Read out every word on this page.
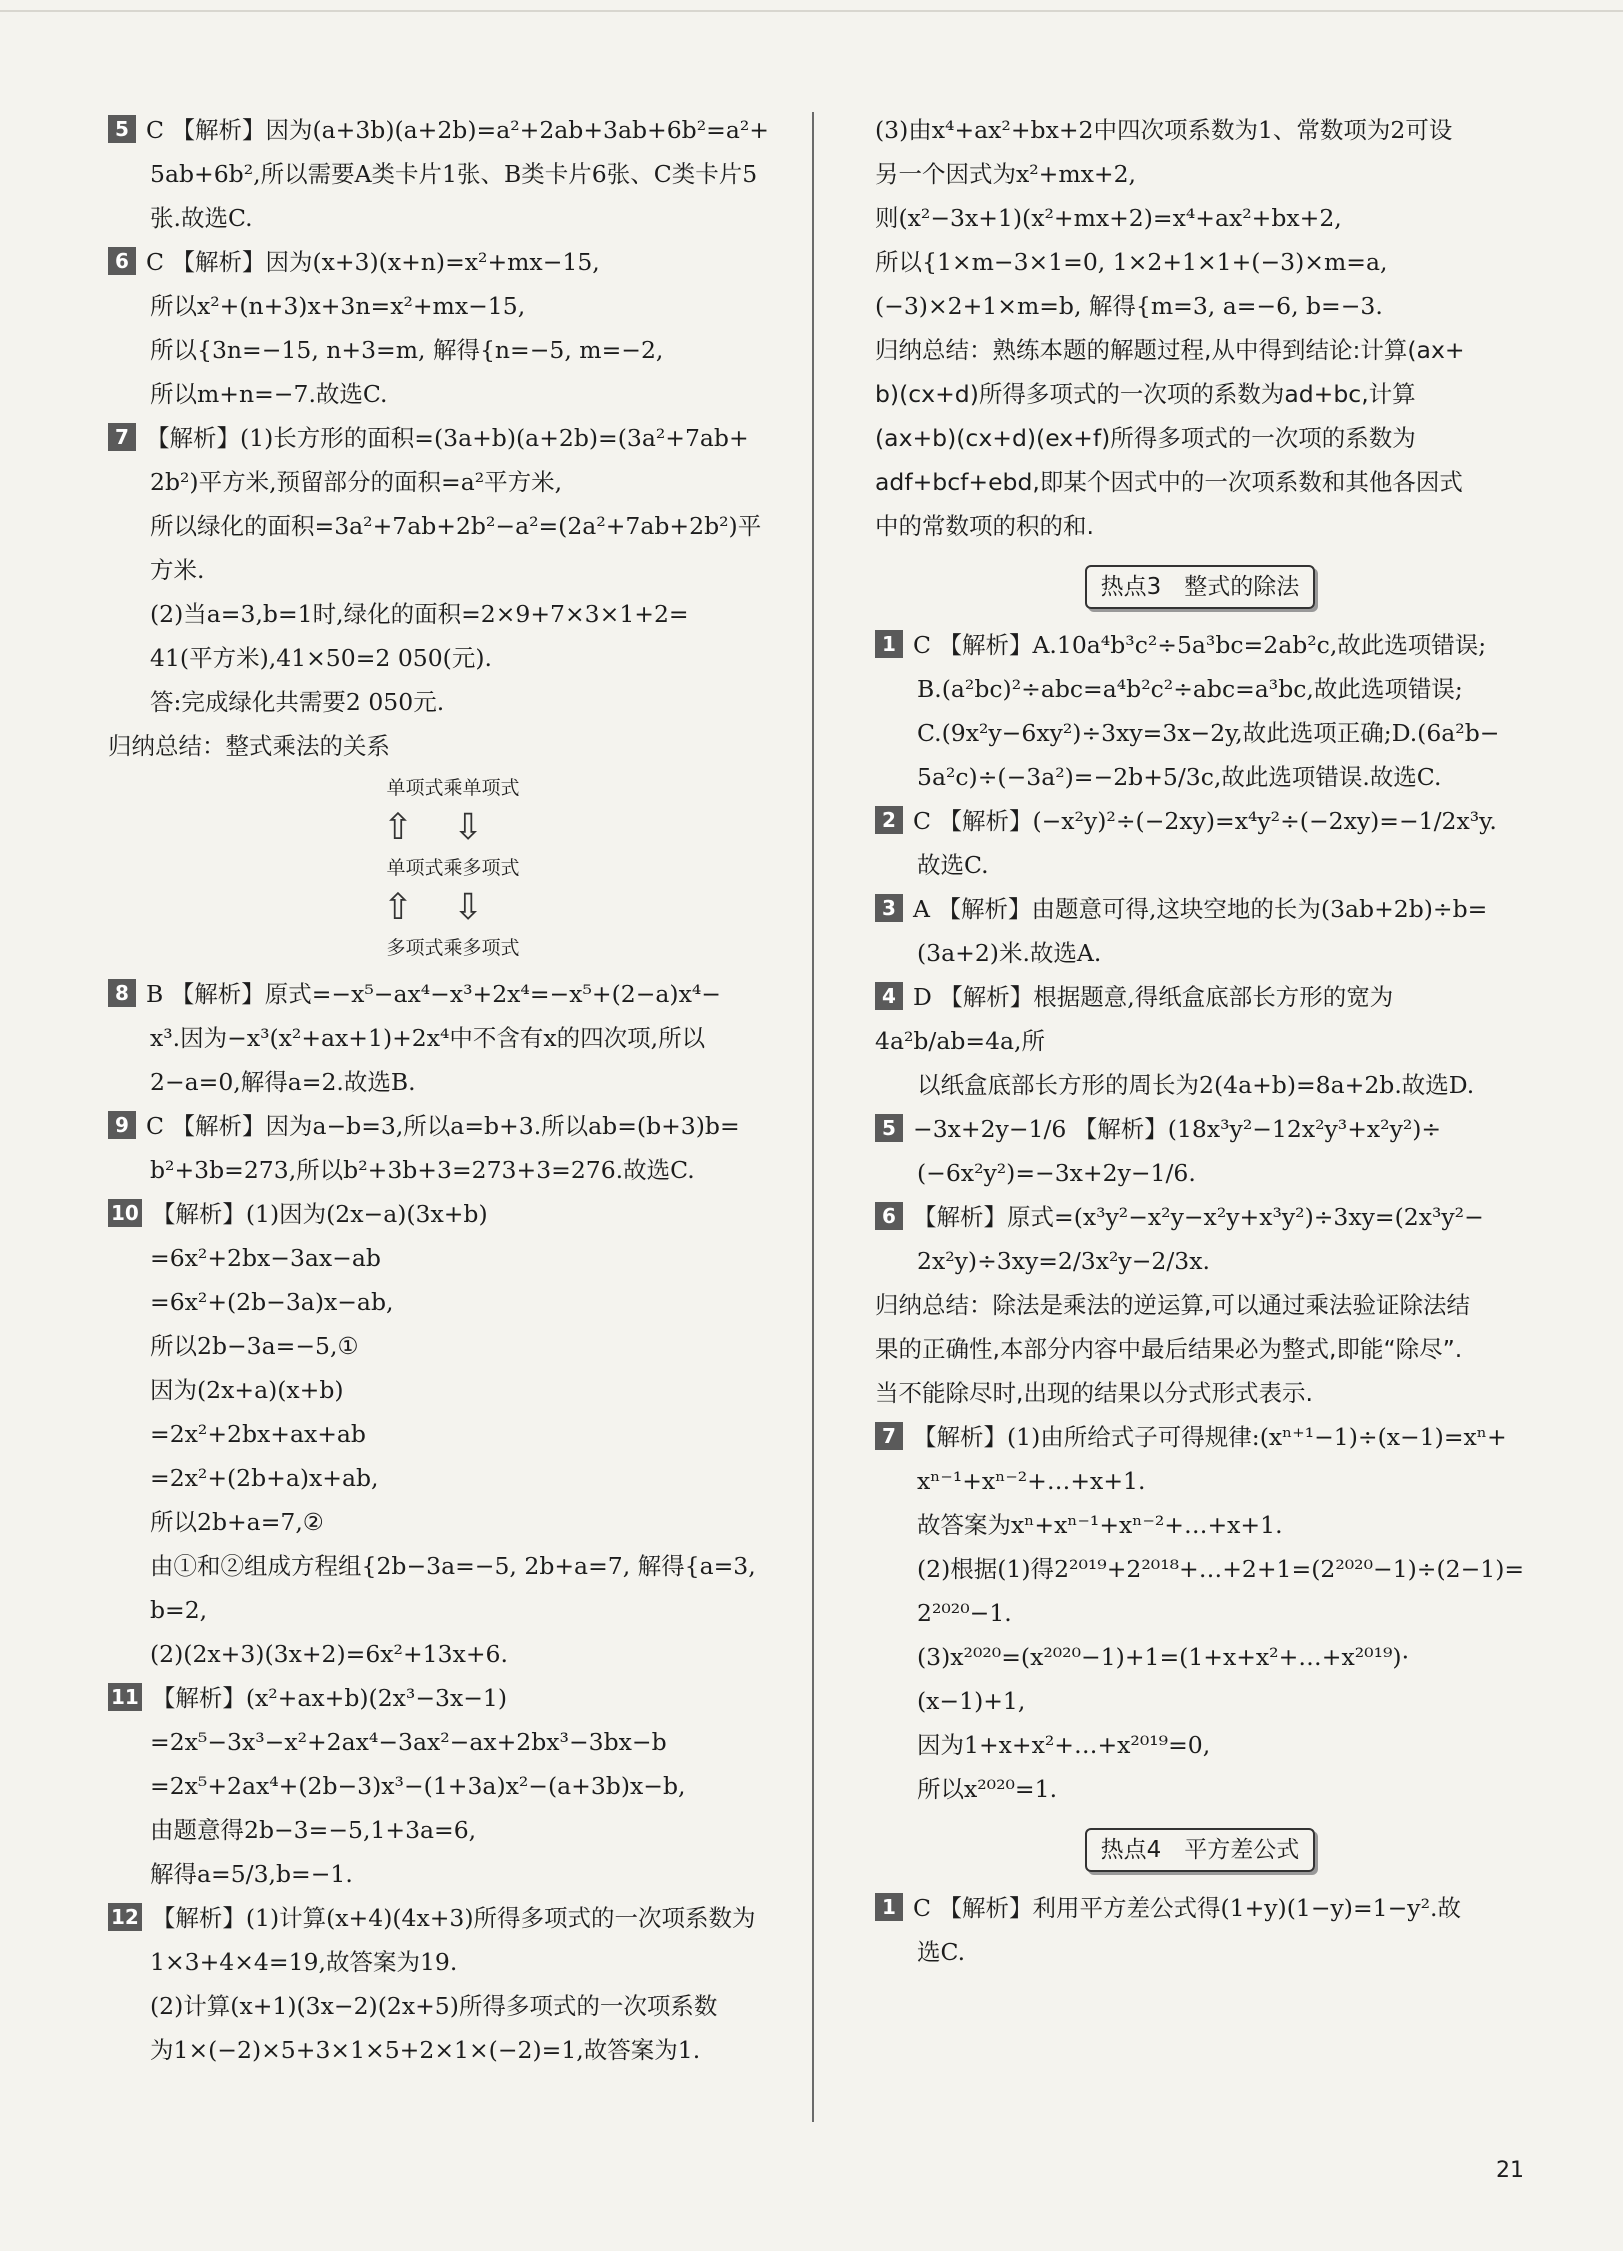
5 C 【解析】因为(a+3b)(a+2b)=a²+2ab+3ab+6b²=a²+
5ab+6b²,所以需要A类卡片1张、B类卡片6张、C类卡片5
张.故选C.
6 C 【解析】因为(x+3)(x+n)=x²+mx−15,
所以x²+(n+3)x+3n=x²+mx−15,
所以{3n=−15, n+3=m, 解得{n=−5, m=−2,
所以m+n=−7.故选C.
7 【解析】(1)长方形的面积=(3a+b)(a+2b)=(3a²+7ab+
2b²)平方米,预留部分的面积=a²平方米,
所以绿化的面积=3a²+7ab+2b²−a²=(2a²+7ab+2b²)平
方米.
(2)当a=3,b=1时,绿化的面积=2×9+7×3×1+2=
41(平方米),41×50=2 050(元).
答:完成绿化共需要2 050元.
归纳总结：整式乘法的关系
单项式乘单项式
⇧⇩
单项式乘多项式
⇧⇩
多项式乘多项式
8 B 【解析】原式=−x⁵−ax⁴−x³+2x⁴=−x⁵+(2−a)x⁴−
x³.因为−x³(x²+ax+1)+2x⁴中不含有x的四次项,所以
2−a=0,解得a=2.故选B.
9 C 【解析】因为a−b=3,所以a=b+3.所以ab=(b+3)b=
b²+3b=273,所以b²+3b+3=273+3=276.故选C.
10 【解析】(1)因为(2x−a)(3x+b)
=6x²+2bx−3ax−ab
=6x²+(2b−3a)x−ab,
所以2b−3a=−5,①
因为(2x+a)(x+b)
=2x²+2bx+ax+ab
=2x²+(2b+a)x+ab,
所以2b+a=7,②
由①和②组成方程组{2b−3a=−5, 2b+a=7, 解得{a=3, b=2,
(2)(2x+3)(3x+2)=6x²+13x+6.
11 【解析】(x²+ax+b)(2x³−3x−1)
=2x⁵−3x³−x²+2ax⁴−3ax²−ax+2bx³−3bx−b
=2x⁵+2ax⁴+(2b−3)x³−(1+3a)x²−(a+3b)x−b,
由题意得2b−3=−5,1+3a=6,
解得a=5/3,b=−1.
12 【解析】(1)计算(x+4)(4x+3)所得多项式的一次项系数为
1×3+4×4=19,故答案为19.
(2)计算(x+1)(3x−2)(2x+5)所得多项式的一次项系数
为1×(−2)×5+3×1×5+2×1×(−2)=1,故答案为1.
(3)由x⁴+ax²+bx+2中四次项系数为1、常数项为2可设
另一个因式为x²+mx+2,
则(x²−3x+1)(x²+mx+2)=x⁴+ax²+bx+2,
所以{1×m−3×1=0, 1×2+1×1+(−3)×m=a, (−3)×2+1×m=b, 解得{m=3, a=−6, b=−3.
归纳总结：熟练本题的解题过程,从中得到结论:计算(ax+
b)(cx+d)所得多项式的一次项的系数为ad+bc,计算
(ax+b)(cx+d)(ex+f)所得多项式的一次项的系数为
adf+bcf+ebd,即某个因式中的一次项系数和其他各因式
中的常数项的积的和.
热点3　整式的除法
1 C 【解析】A.10a⁴b³c²÷5a³bc=2ab²c,故此选项错误;
B.(a²bc)²÷abc=a⁴b²c²÷abc=a³bc,故此选项错误;
C.(9x²y−6xy²)÷3xy=3x−2y,故此选项正确;D.(6a²b−
5a²c)÷(−3a²)=−2b+5/3c,故此选项错误.故选C.
2 C 【解析】(−x²y)²÷(−2xy)=x⁴y²÷(−2xy)=−1/2x³y.
故选C.
3 A 【解析】由题意可得,这块空地的长为(3ab+2b)÷b=
(3a+2)米.故选A.
4 D 【解析】根据题意,得纸盒底部长方形的宽为4a²b/ab=4a,所
以纸盒底部长方形的周长为2(4a+b)=8a+2b.故选D.
5 −3x+2y−1/6 【解析】(18x³y²−12x²y³+x²y²)÷
(−6x²y²)=−3x+2y−1/6.
6 【解析】原式=(x³y²−x²y−x²y+x³y²)÷3xy=(2x³y²−
2x²y)÷3xy=2/3x²y−2/3x.
归纳总结：除法是乘法的逆运算,可以通过乘法验证除法结
果的正确性,本部分内容中最后结果必为整式,即能“除尽”.
当不能除尽时,出现的结果以分式形式表示.
7 【解析】(1)由所给式子可得规律:(xⁿ⁺¹−1)÷(x−1)=xⁿ+
xⁿ⁻¹+xⁿ⁻²+…+x+1.
故答案为xⁿ+xⁿ⁻¹+xⁿ⁻²+…+x+1.
(2)根据(1)得2²⁰¹⁹+2²⁰¹⁸+…+2+1=(2²⁰²⁰−1)÷(2−1)=
2²⁰²⁰−1.
(3)x²⁰²⁰=(x²⁰²⁰−1)+1=(1+x+x²+…+x²⁰¹⁹)·
(x−1)+1,
因为1+x+x²+…+x²⁰¹⁹=0,
所以x²⁰²⁰=1.
热点4　平方差公式
1 C 【解析】利用平方差公式得(1+y)(1−y)=1−y².故
选C.
21
